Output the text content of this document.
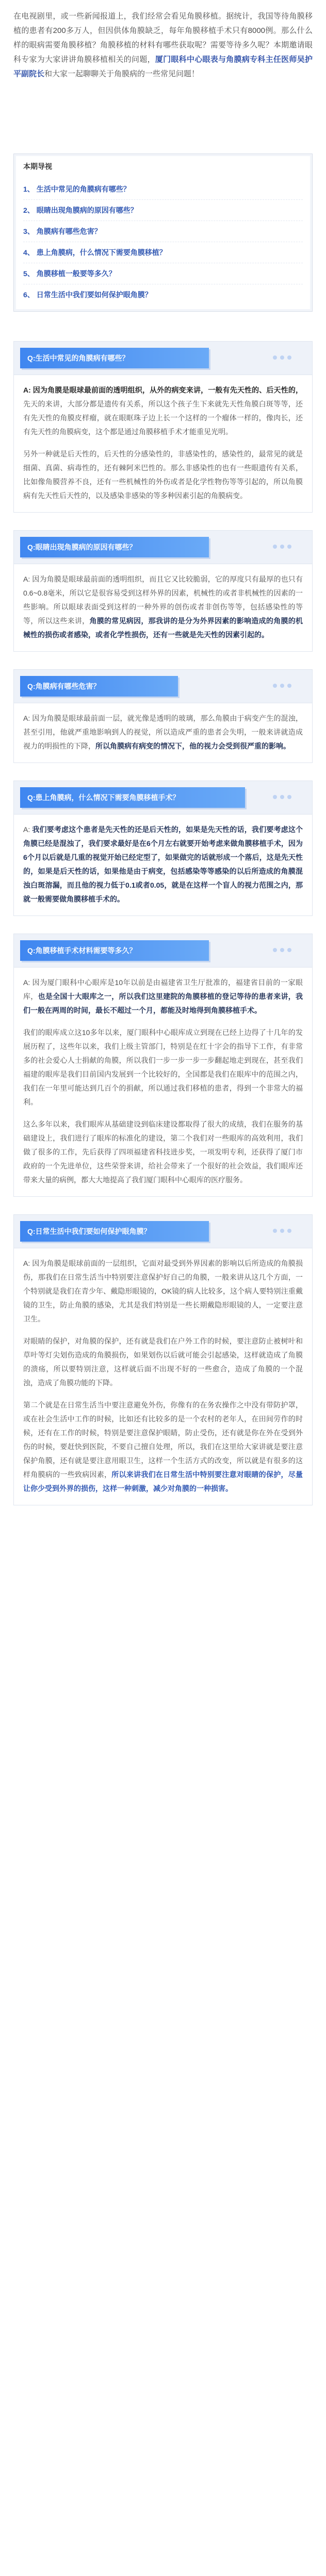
在电视剧里，或一些新闻报道上，我们经常会看见角膜移植。据统计，我国等待角膜移植的患者有200多万人，但因供体角膜缺乏，每年角膜移植手术只有8000例。那么什么样的眼病需要角膜移植？角膜移植的材料有哪些获取呢？需要等待多久呢？本期邀请眼科专家为大家讲讲角膜移植相关的问题，厦门眼科中心眼表与角膜病专科主任医师吴护平副院长和大家一起聊聊关于角膜病的一些常见问题！

本期导视
1、 生活中常见的角膜病有哪些？
2、 眼睛出现角膜病的原因有哪些？
3、 角膜病有哪些危害？
4、 患上角膜病，什么情况下需要角膜移植？
5、 角膜移植一般要等多久？
6、 日常生活中我们要如何保护眼角膜？
Q:生活中常见的角膜病有哪些？

A: 因为角膜是眼球最前面的透明组织，从外的病变来讲，一般有先天性的、后天性的，先天的来讲，大部分都是遗传有关系，所以这个孩子生下来就先天性角膜白斑等等，还有先天性的角膜皮样瘤，就在眼眶珠子边上长一个这样的一个瘤体一样的，像肉长，还有先天性的角膜病变，这个都是通过角膜移植手术才能重见光明。

另外一种就是后天性的，后天性的分感染性的，非感染性的，感染性的，最常见的就是细菌、真菌、病毒性的，还有棘阿米巴性的。那么非感染性的也有一些眼遗传有关系，比如像角膜营养不良，还有一些机械性的外伤或者是化学性物伤等等引起的，所以角膜病有先天性后天性的，以及感染非感染的等多种因素引起的角膜病变。

Q:眼睛出现角膜病的原因有哪些？

A: 因为角膜是眼球最前面的透明组织，而且它又比较脆弱，它的厚度只有最厚的也只有0.6~0.8毫米，所以它是很容易受到这样外界的因素，机械性的或者非机械性的因素的一些影响。所以眼球表面受到这样的一种外界的创伤或者非创伤等等，包括感染性的等等，所以这些来讲，角膜的常见病因，那我讲的是分为外界因素的影响造成的角膜的机械性的损伤或者感染，或者化学性损伤，还有一些就是先天性的因素引起的。

Q:角膜病有哪些危害？

A: 因为角膜是眼球最前面一层，就光像是透明的玻璃，那么角膜由于病变产生的混浊，甚至引用，他就严重地影响到人的视觉，所以造成严重的患者会失明，一般来讲就造成视力的明损性的下降，所以角膜病有病变的情况下，他的视力会受到很严重的影响。

Q:患上角膜病，什么情况下需要角膜移植手术？

A: 我们要考虑这个患者是先天性的还是后天性的，如果是先天性的话，我们要考虑这个角膜已经是混浊了，我们要求最好是在6个月左右就要开始考虑来做角膜移植手术，因为6个月以后就是几重的视觉开始已经定型了，如果做完的话就形成一个落后，这是先天性的，如果是后天性的话，如果他是由于病变，包括感染等等感染的以后所造成的角膜混浊白斑溶漏，而且他的视力低于0.1或者0.05，就是在这样一个盲人的视力范围之内，那就一般需要做角膜移植手术的。

Q:角膜移植手术材料需要等多久？

A: 因为厦门眼科中心眼库是10年以前是由福建省卫生厅批准的，福建省目前的一家眼库，也是全国十大眼库之一，所以我们这里建院的角膜移植的登记等待的患者来讲，我们一般在两周的时间，最长不超过一个月，都能及时地得到角膜移植手术。

我们的眼库成立这10多年以来，厦门眼科中心眼库成立到现在已经上边得了十几年的发展历程了，这些年以来，我们上级主管部门，特别是在红十字会的指导下工作，有非常多的社会爱心人士捐献的角膜，所以我们一步一步一步一步翻起地走到现在，甚至我们福建的眼库是我们目前国内发展到一个比较好的，全国都是我们在眼库中的范围之内，我们在一年里可能达到几百个的捐献，所以通过我们移植的患者，得到一个非常大的福利。

这么多年以来，我们眼库从基础建设到临床建设都取得了很大的成绩，我们在服务的基础建设上，我们进行了眼库的标准化的建设，第二个我们对一些眼库的高效利用，我们做了很多的工作，先后获得了四项福建省科技进步奖，一项发明专利，还获得了厦门市政府的一个先进单位，这些荣誉来讲，给社会带来了一个很好的社会效益，我们眼库还带来大量的病例，都大大地提高了我们厦门眼科中心眼库的医疗服务。

Q:日常生活中我们要如何保护眼角膜？

A: 因为角膜是眼球前面的一层组织，它面对最受到外界因素的影响以后所造成的角膜损伤，那我们在日常生活当中特别要注意保护好自己的角膜，一般来讲从这几个方面，一个特别就是我们在青少年、戴隐形眼镜的，OK镜的病人比较多，这个病人要特别注重戴镜的卫生，防止角膜的感染，尤其是我们特别是一些长期戴隐形眼镜的人，一定要注意卫生。

对眼睛的保护，对角膜的保护，还有就是我们在户外工作的时候，要注意防止被树叶和草叶等灯尖划伤造成的角膜损伤，如果划伤以后就可能会引起感染，这样就造成了角膜的溃疡，所以要特别注意，这样就后面不出现不好的一些愈合，造成了角膜的一个混浊，造成了角膜功能的下降。

第二个就是在日常生活当中要注意避免外伤，你像有的在务农操作之中没有带防护罩，或在社会生活中工作的时候，比如还有比较多的是一个农村的老年人，在田间劳作的时候，还有在工作的时候，特别是要注意保护眼睛，防止受伤，还有就是你在外在受到外伤的时候，要赶快到医院，不要自己擅自处理，所以，我们在这里给大家讲就是要注意保护角膜，还有就是要注意用眼卫生，这样一个生活方式的改变，所以就是有很多的这样角膜病的一些致病因素，所以来讲我们在日常生活中特别要注意对眼睛的保护，尽量让你少受到外界的损伤，这样一种刺激，减少对角膜的一种损害。
